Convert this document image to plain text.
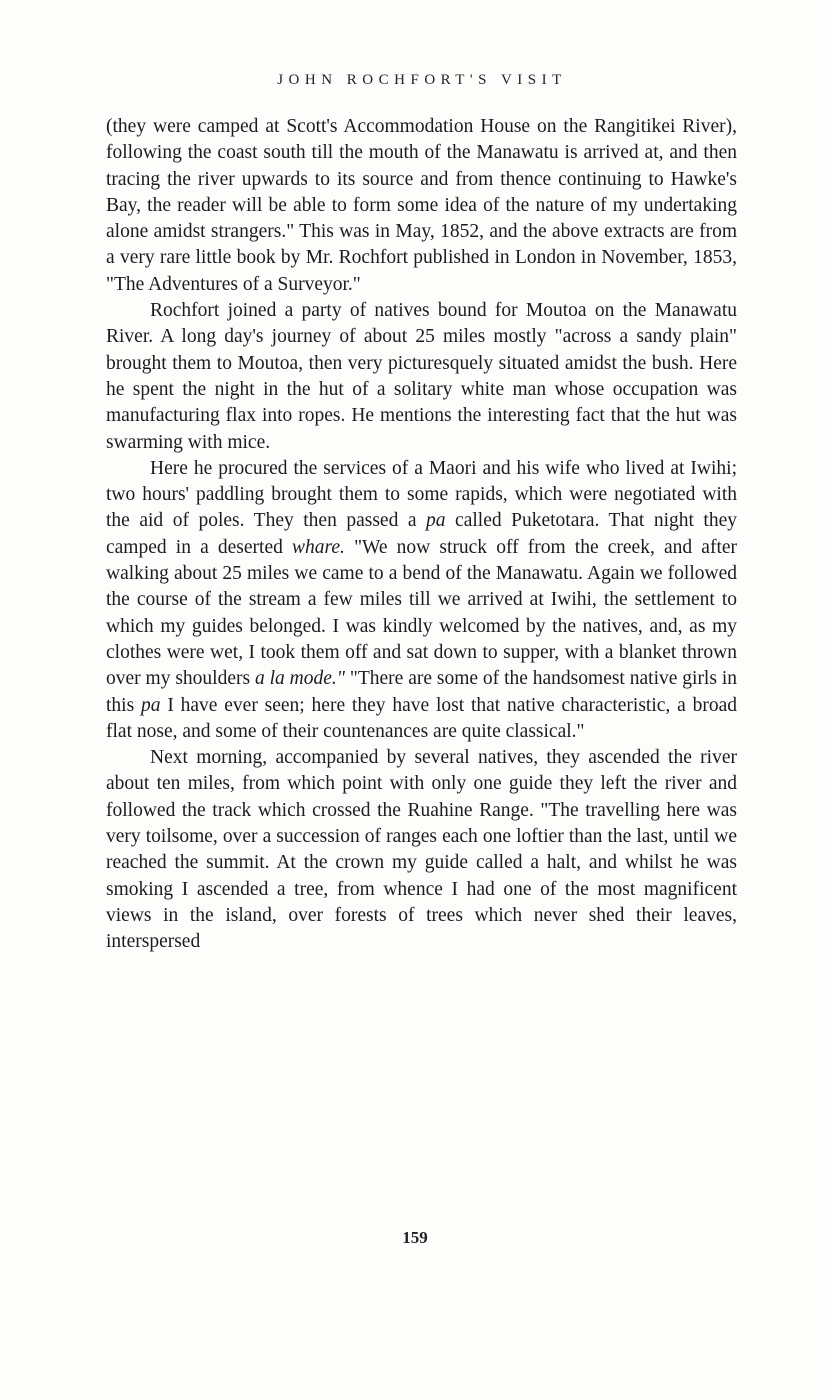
JOHN ROCHFORT'S VISIT

(they were camped at Scott's Accommodation House on the Rangitikei River), following the coast south till the mouth of the Manawatu is arrived at, and then tracing the river upwards to its source and from thence continuing to Hawke's Bay, the reader will be able to form some idea of the nature of my undertaking alone amidst strangers." This was in May, 1852, and the above extracts are from a very rare little book by Mr. Rochfort published in London in November, 1853, "The Adventures of a Surveyor."

Rochfort joined a party of natives bound for Moutoa on the Manawatu River. A long day's journey of about 25 miles mostly "across a sandy plain" brought them to Moutoa, then very picturesquely situated amidst the bush. Here he spent the night in the hut of a solitary white man whose occupation was manufacturing flax into ropes. He mentions the interesting fact that the hut was swarming with mice.

Here he procured the services of a Maori and his wife who lived at Iwihi; two hours' paddling brought them to some rapids, which were negotiated with the aid of poles. They then passed a pa called Puketotara. That night they camped in a deserted whare. "We now struck off from the creek, and after walking about 25 miles we came to a bend of the Manawatu. Again we followed the course of the stream a few miles till we arrived at Iwihi, the settlement to which my guides belonged. I was kindly welcomed by the natives, and, as my clothes were wet, I took them off and sat down to supper, with a blanket thrown over my shoulders a la mode." "There are some of the handsomest native girls in this pa I have ever seen; here they have lost that native characteristic, a broad flat nose, and some of their countenances are quite classical."

Next morning, accompanied by several natives, they ascended the river about ten miles, from which point with only one guide they left the river and followed the track which crossed the Ruahine Range. "The travelling here was very toilsome, over a succession of ranges each one loftier than the last, until we reached the summit. At the crown my guide called a halt, and whilst he was smoking I ascended a tree, from whence I had one of the most magnificent views in the island, over forests of trees which never shed their leaves, interspersed

159
